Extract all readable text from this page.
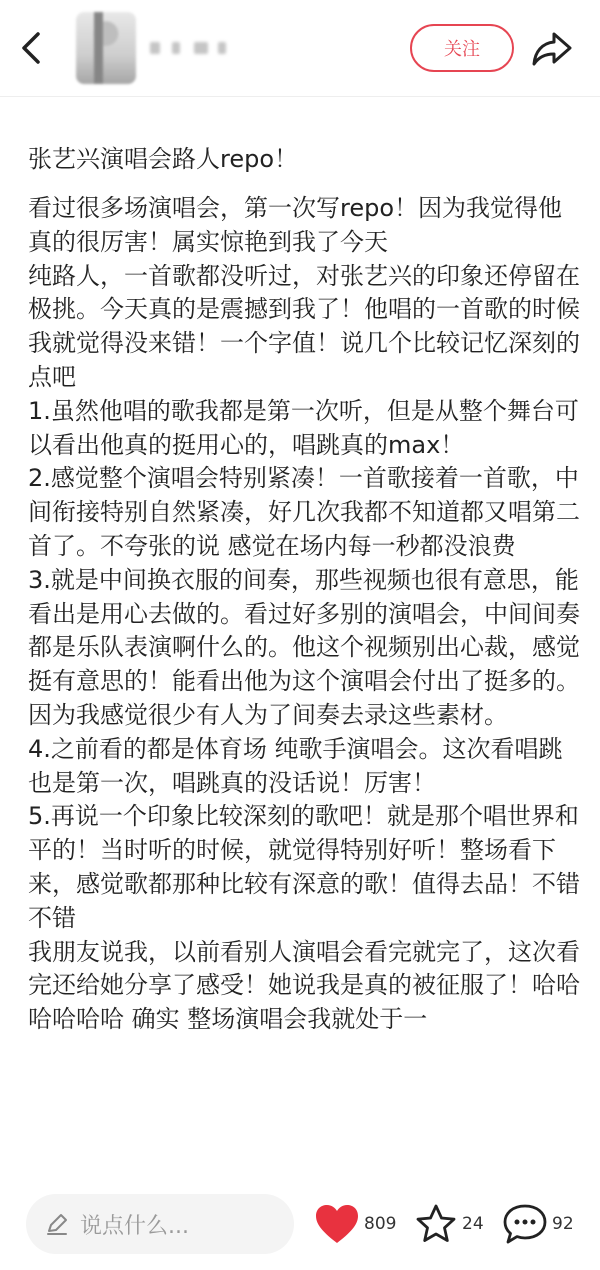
关注
张艺兴演唱会路人repo！
看过很多场演唱会，第一次写repo！因为我觉得他真的很厉害！属实惊艳到我了今天
纯路人，一首歌都没听过，对张艺兴的印象还停留在极挑。今天真的是震撼到我了！他唱的一首歌的时候我就觉得没来错！一个字值！说几个比较记忆深刻的点吧
1.虽然他唱的歌我都是第一次听，但是从整个舞台可以看出他真的挺用心的，唱跳真的max！
2.感觉整个演唱会特别紧凑！一首歌接着一首歌，中间衔接特别自然紧凑，好几次我都不知道都又唱第二首了。不夸张的说 感觉在场内每一秒都没浪费
3.就是中间换衣服的间奏，那些视频也很有意思，能看出是用心去做的。看过好多别的演唱会，中间间奏都是乐队表演啊什么的。他这个视频别出心裁，感觉挺有意思的！能看出他为这个演唱会付出了挺多的。因为我感觉很少有人为了间奏去录这些素材。
4.之前看的都是体育场 纯歌手演唱会。这次看唱跳也是第一次，唱跳真的没话说！厉害！
5.再说一个印象比较深刻的歌吧！就是那个唱世界和平的！当时听的时候，就觉得特别好听！整场看下来，感觉歌都那种比较有深意的歌！值得去品！不错不错
我朋友说我，以前看别人演唱会看完就完了，这次看完还给她分享了感受！她说我是真的被征服了！哈哈哈哈哈哈 确实 整场演唱会我就处于一
说点什么...	809	24	92
